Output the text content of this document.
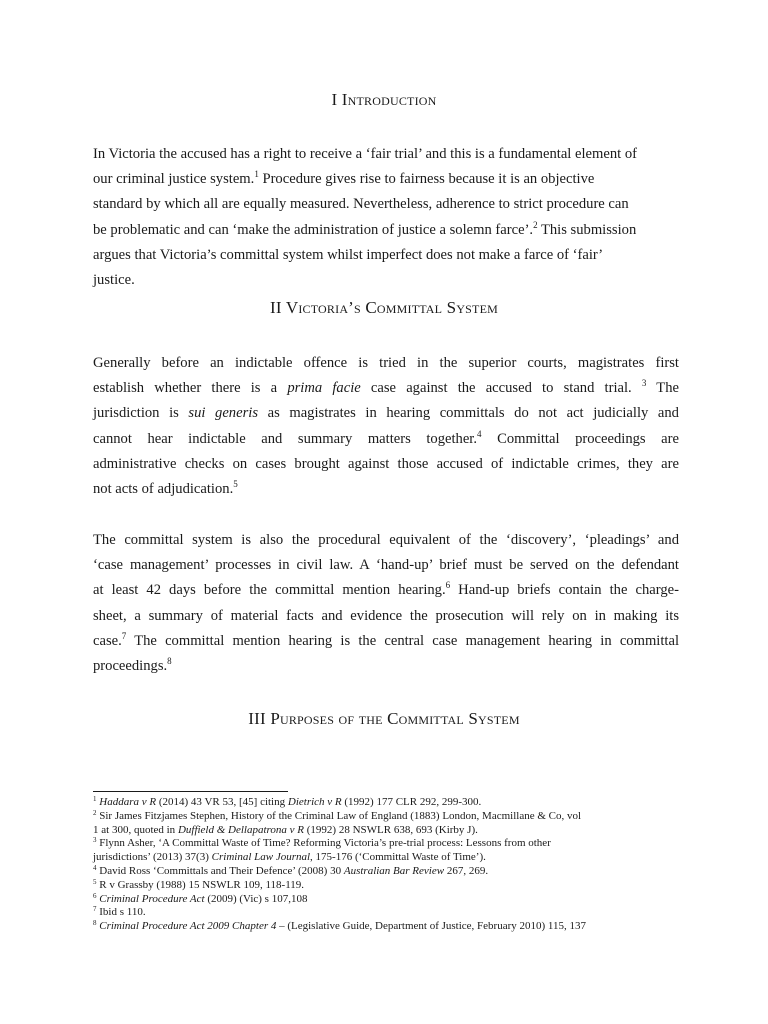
I Introduction
In Victoria the accused has a right to receive a ‘fair trial’ and this is a fundamental element of
our criminal justice system.$^1$ Procedure gives rise to fairness because it is an objective
standard by which all are equally measured. Nevertheless, adherence to strict procedure can
be problematic and can ‘make the administration of justice a solemn farce’.$^2$ This submission
argues that Victoria’s committal system whilst imperfect does not make a farce of ‘fair’
justice.
II Victoria’s Committal System
Generally before an indictable offence is tried in the superior courts, magistrates first
establish whether there is a prima facie case against the accused to stand trial. $^3$ The
jurisdiction is sui generis as magistrates in hearing committals do not act judicially and
cannot hear indictable and summary matters together.$^4$ Committal proceedings are
administrative checks on cases brought against those accused of indictable crimes, they are
not acts of adjudication.$^5$
The committal system is also the procedural equivalent of the ‘discovery’, ‘pleadings’ and
‘case management’ processes in civil law. A ‘hand-up’ brief must be served on the defendant
at least 42 days before the committal mention hearing.$^6$ Hand-up briefs contain the charge-
sheet, a summary of material facts and evidence the prosecution will rely on in making its
case.$^7$ The committal mention hearing is the central case management hearing in committal
proceedings.$^8$
III Purposes of the Committal System
$^1$ Haddara v R (2014) 43 VR 53, [45] citing Dietrich v R (1992) 177 CLR 292, 299-300.
$^2$ Sir James Fitzjames Stephen, History of the Criminal Law of England (1883) London, Macmillane & Co, vol
1 at 300, quoted in Duffield & Dellapatrona v R (1992) 28 NSWLR 638, 693 (Kirby J).
$^3$ Flynn Asher, ‘A Committal Waste of Time? Reforming Victoria’s pre-trial process: Lessons from other
jurisdictions’ (2013) 37(3) Criminal Law Journal, 175-176 (‘Committal Waste of Time’).
$^4$ David Ross ‘Committals and Their Defence’ (2008) 30 Australian Bar Review 267, 269.
$^5$ R v Grassby (1988) 15 NSWLR 109, 118-119.
$^6$ Criminal Procedure Act (2009) (Vic) s 107,108
$^7$ Ibid s 110.
$^8$ Criminal Procedure Act 2009 Chapter 4 – (Legislative Guide, Department of Justice, February 2010) 115, 137
